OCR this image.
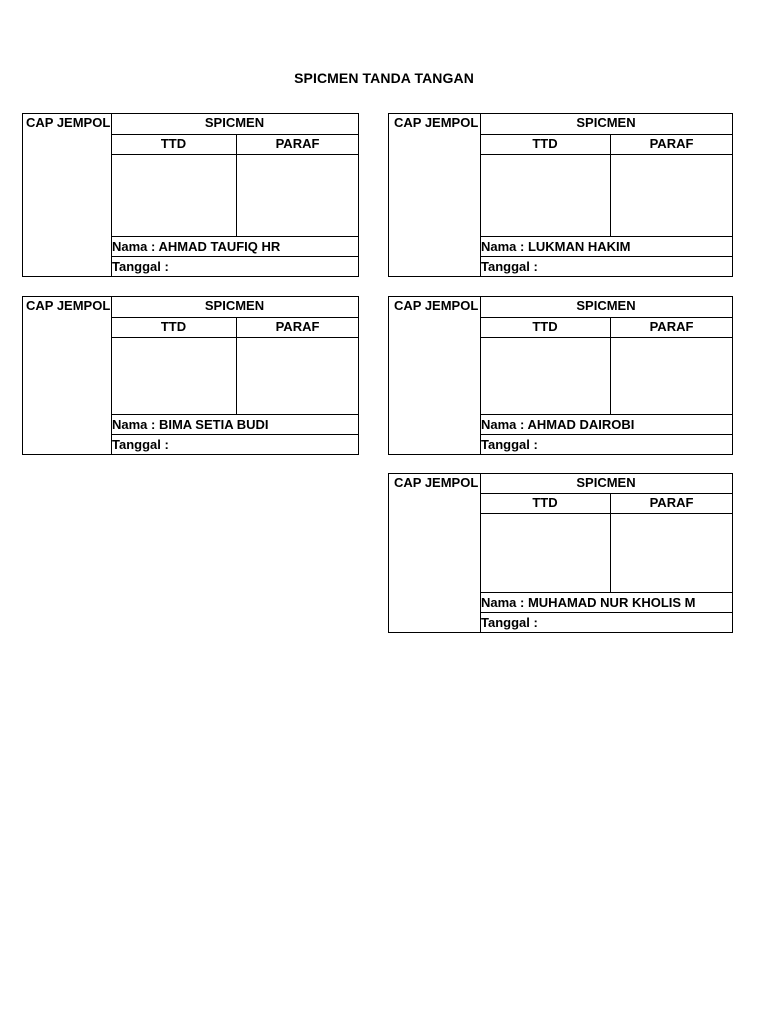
SPICMEN TANDA TANGAN
CAP JEMPOL	SPICMEN
TTD	PARAF
Nama : AHMAD TAUFIQ HR
Tanggal :
CAP JEMPOL	SPICMEN
TTD	PARAF
Nama : LUKMAN HAKIM
Tanggal :
CAP JEMPOL	SPICMEN
TTD	PARAF
Nama : BIMA SETIA BUDI
Tanggal :
CAP JEMPOL	SPICMEN
TTD	PARAF
Nama : AHMAD DAIROBI
Tanggal :
CAP JEMPOL	SPICMEN
TTD	PARAF
Nama : MUHAMAD NUR KHOLIS M
Tanggal :
